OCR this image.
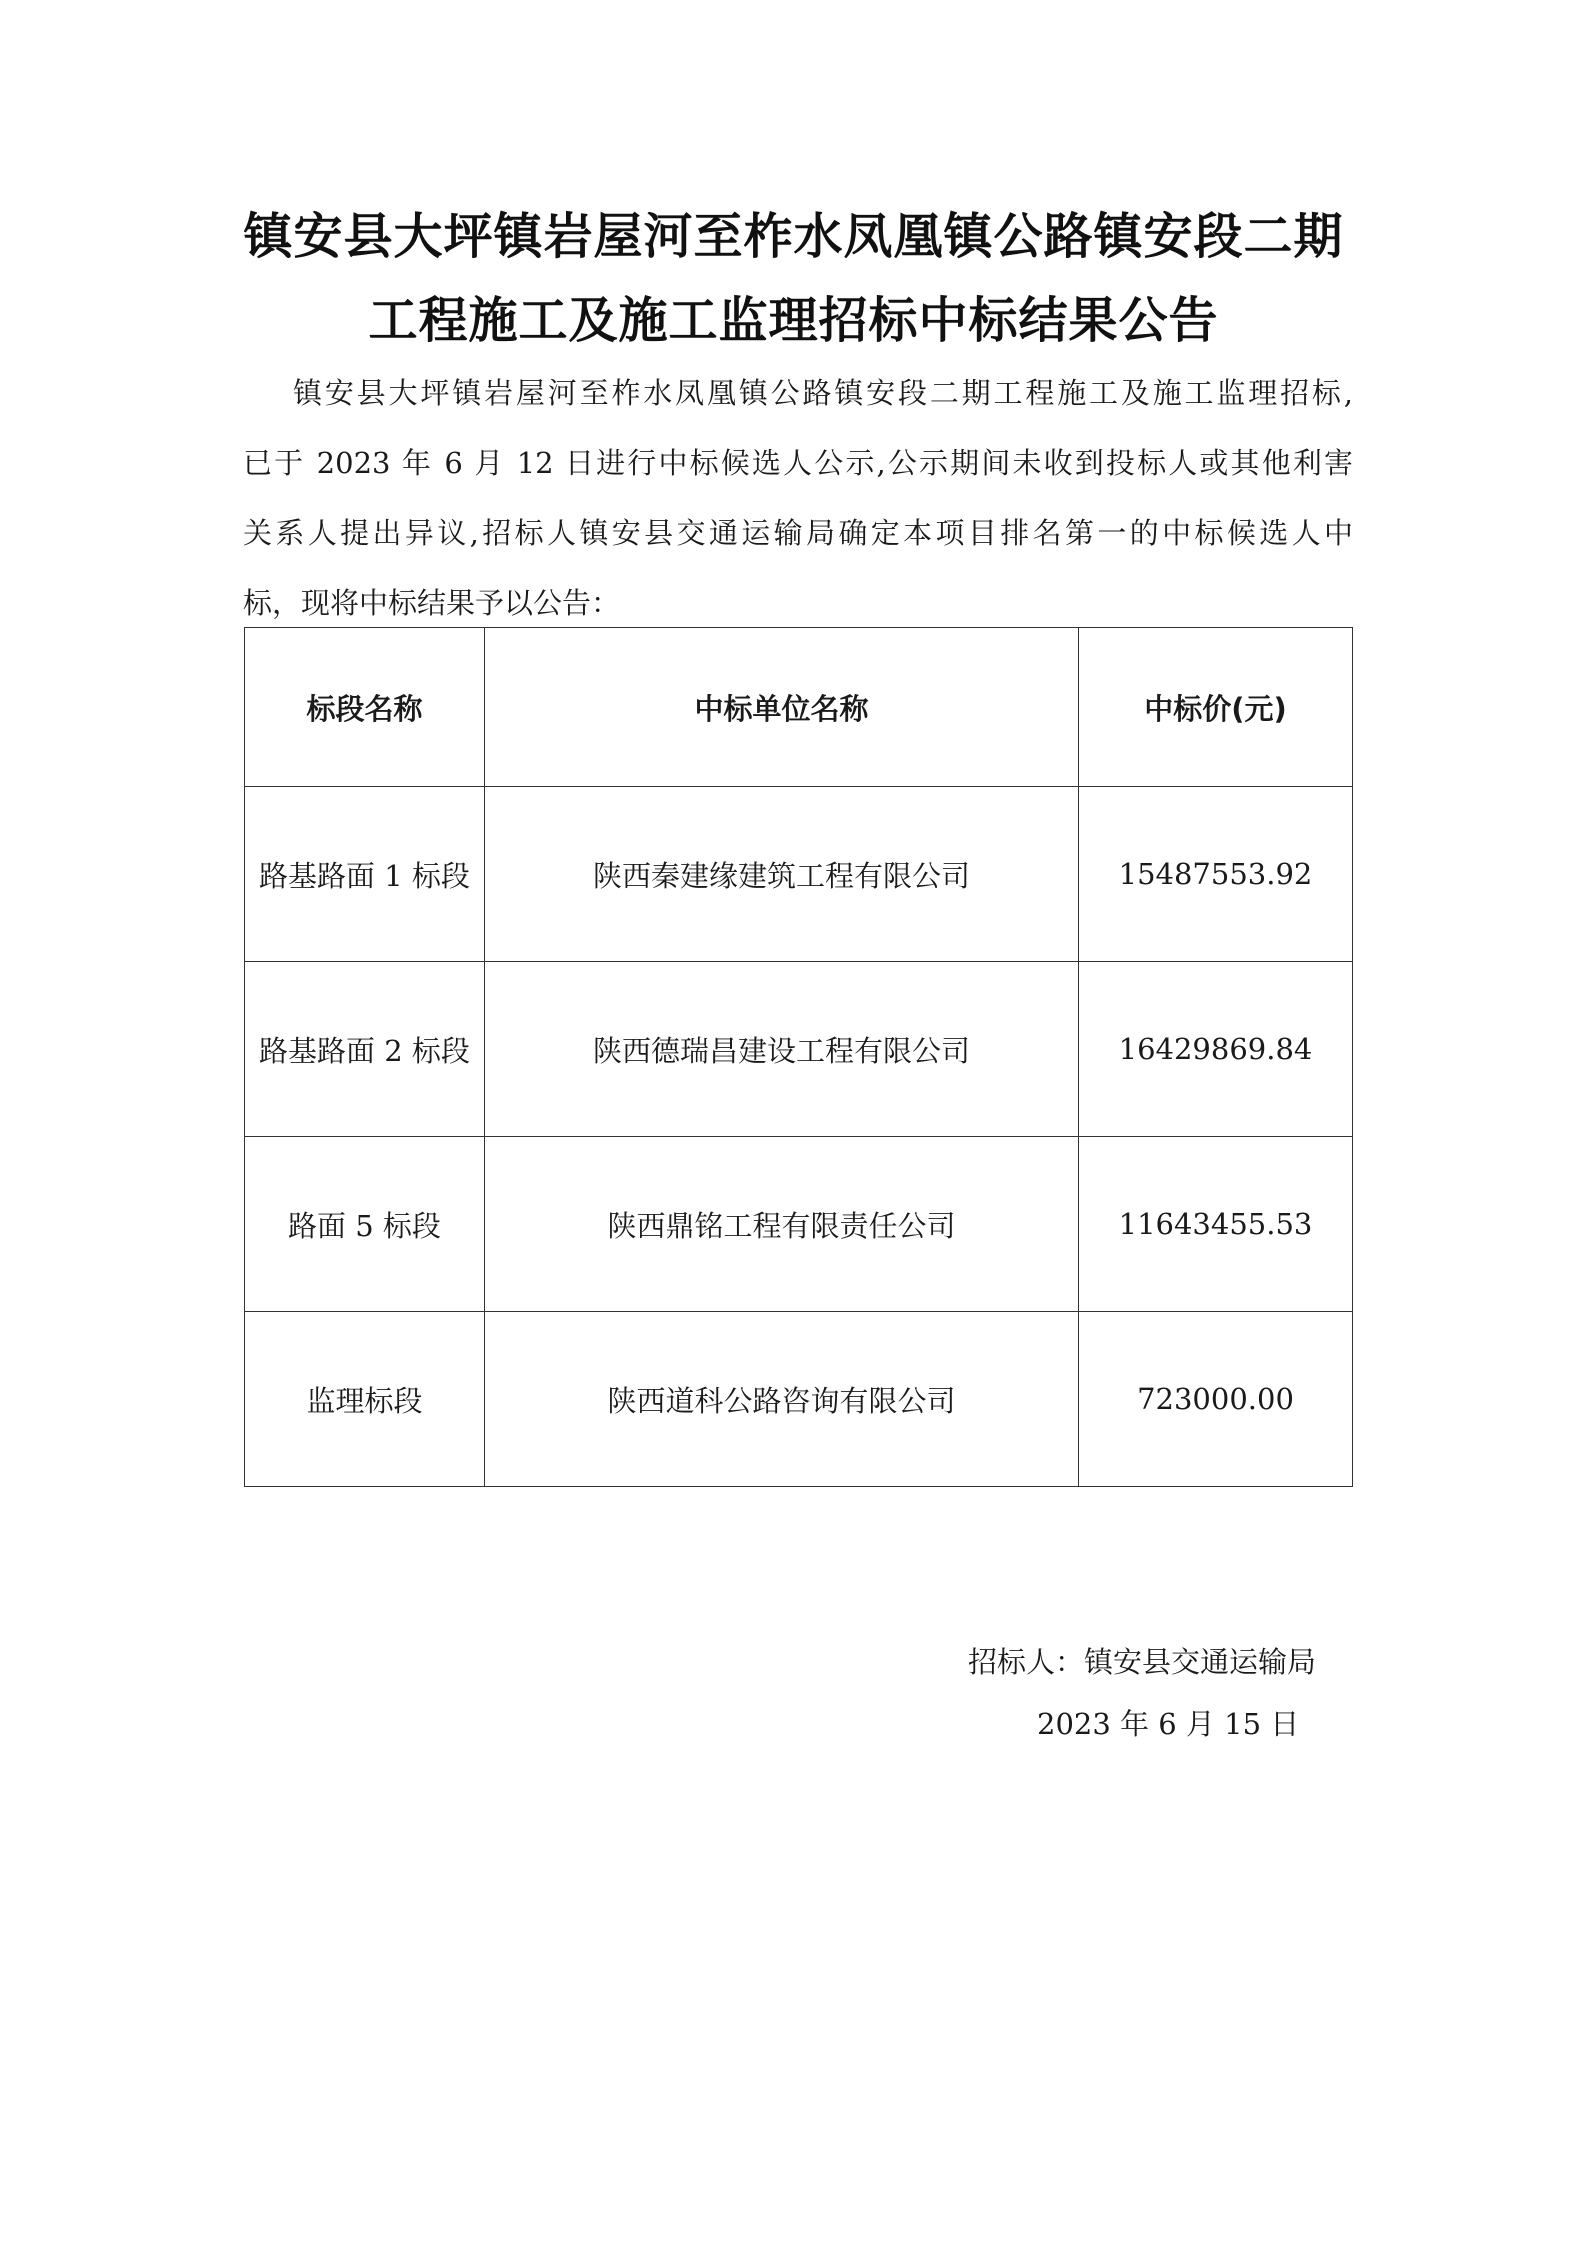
镇安县大坪镇岩屋河至柞水凤凰镇公路镇安段二期
工程施工及施工监理招标中标结果公告
镇安县大坪镇岩屋河至柞水凤凰镇公路镇安段二期工程施工及施工监理招标,
已于 2023 年 6 月 12 日进行中标候选人公示,公示期间未收到投标人或其他利害
关系人提出异议,招标人镇安县交通运输局确定本项目排名第一的中标候选人中
标，现将中标结果予以公告：
标段名称	中标单位名称	中标价(元)
路基路面 1 标段	陕西秦建缘建筑工程有限公司	15487553.92
路基路面 2 标段	陕西德瑞昌建设工程有限公司	16429869.84
路面 5 标段	陕西鼎铭工程有限责任公司	11643455.53
监理标段	陕西道科公路咨询有限公司	723000.00
招标人：镇安县交通运输局
2023 年 6 月 15 日
